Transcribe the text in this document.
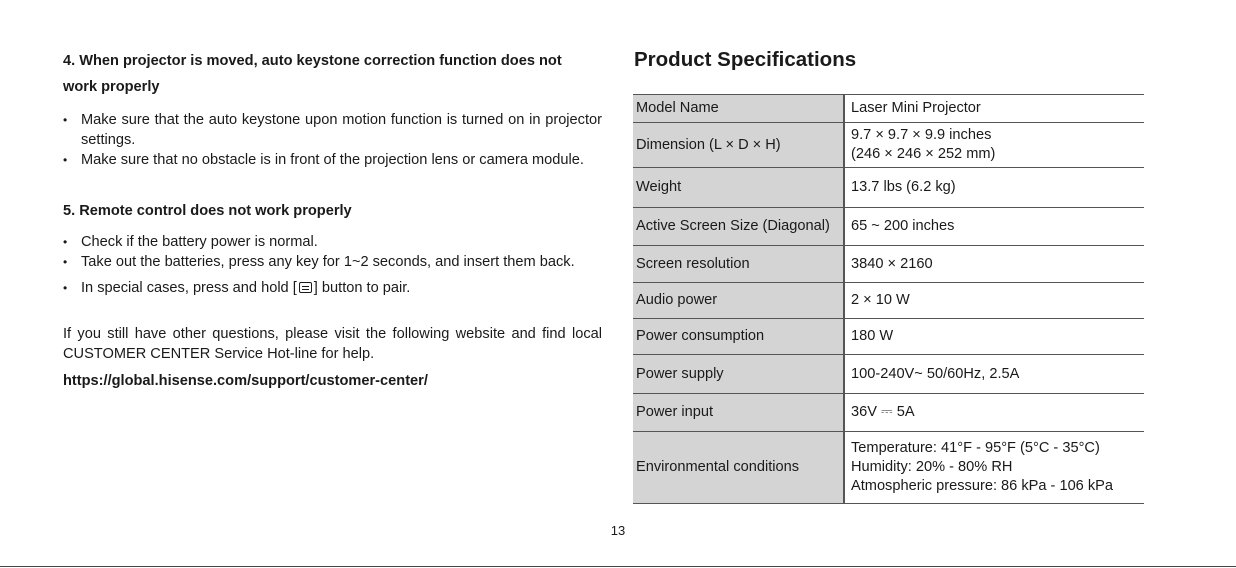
4. When projector is moved, auto keystone correction function does not
work properly

• Make sure that the auto keystone upon motion function is turned on in projector settings.
• Make sure that no obstacle is in front of the projection lens or camera module.

5. Remote control does not work properly

• Check if the battery power is normal.
• Take out the batteries, press any key for 1~2 seconds, and insert them back.
• In special cases, press and hold [ ] button to pair.

If you still have other questions, please visit the following website and find local CUSTOMER CENTER Service Hot-line for help.

https://global.hisense.com/support/customer-center/

Product Specifications
Model Name	Laser Mini Projector
Dimension (L × D × H)	9.7 × 9.7 × 9.9 inches
(246 × 246 × 252 mm)
Weight	13.7 lbs (6.2 kg)
Active Screen Size (Diagonal)	65 ~ 200 inches
Screen resolution	3840 × 2160
Audio power	2 × 10 W
Power consumption	180 W
Power supply	100-240V~ 50/60Hz, 2.5A
Power input	36V ⎓ 5A
Environmental conditions	Temperature: 41°F - 95°F (5°C - 35°C)
Humidity: 20% - 80% RH
Atmospheric pressure: 86 kPa - 106 kPa
13
